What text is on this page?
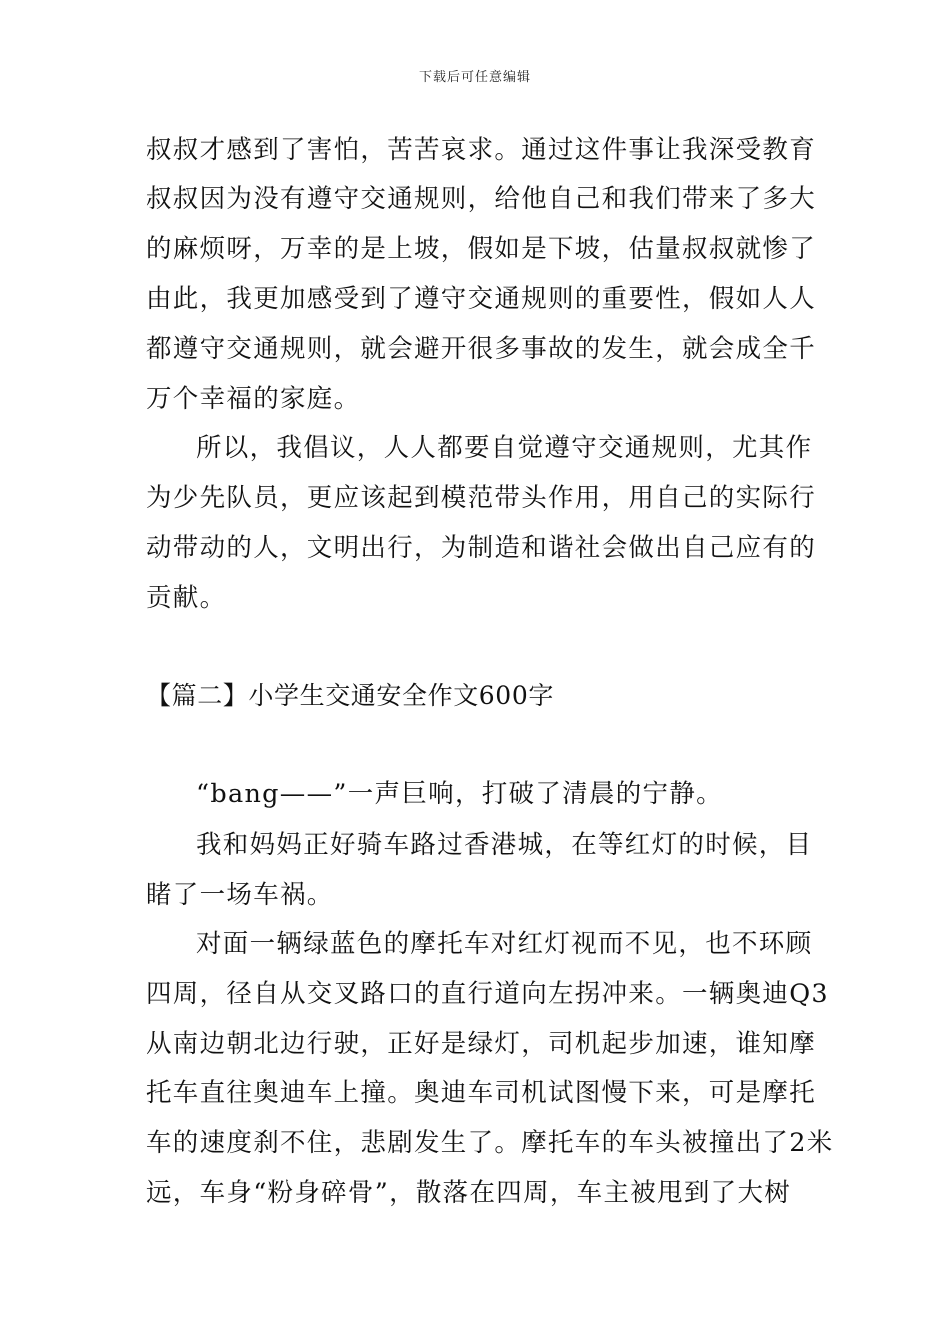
下载后可任意编辑
叔叔才感到了害怕，苦苦哀求。通过这件事让我深受教育
叔叔因为没有遵守交通规则，给他自己和我们带来了多大
的麻烦呀，万幸的是上坡，假如是下坡，估量叔叔就惨了
由此，我更加感受到了遵守交通规则的重要性，假如人人
都遵守交通规则，就会避开很多事故的发生，就会成全千
万个幸福的家庭。
所以，我倡议，人人都要自觉遵守交通规则，尤其作
为少先队员，更应该起到模范带头作用，用自己的实际行
动带动的人，文明出行，为制造和谐社会做出自己应有的
贡献。
【篇二】小学生交通安全作文600字
“bang——”一声巨响，打破了清晨的宁静。
我和妈妈正好骑车路过香港城，在等红灯的时候，目
睹了一场车祸。
对面一辆绿蓝色的摩托车对红灯视而不见，也不环顾
四周，径自从交叉路口的直行道向左拐冲来。一辆奥迪Q3
从南边朝北边行驶，正好是绿灯，司机起步加速，谁知摩
托车直往奥迪车上撞。奥迪车司机试图慢下来，可是摩托
车的速度刹不住，悲剧发生了。摩托车的车头被撞出了2米
远，车身“粉身碎骨”，散落在四周，车主被甩到了大树
